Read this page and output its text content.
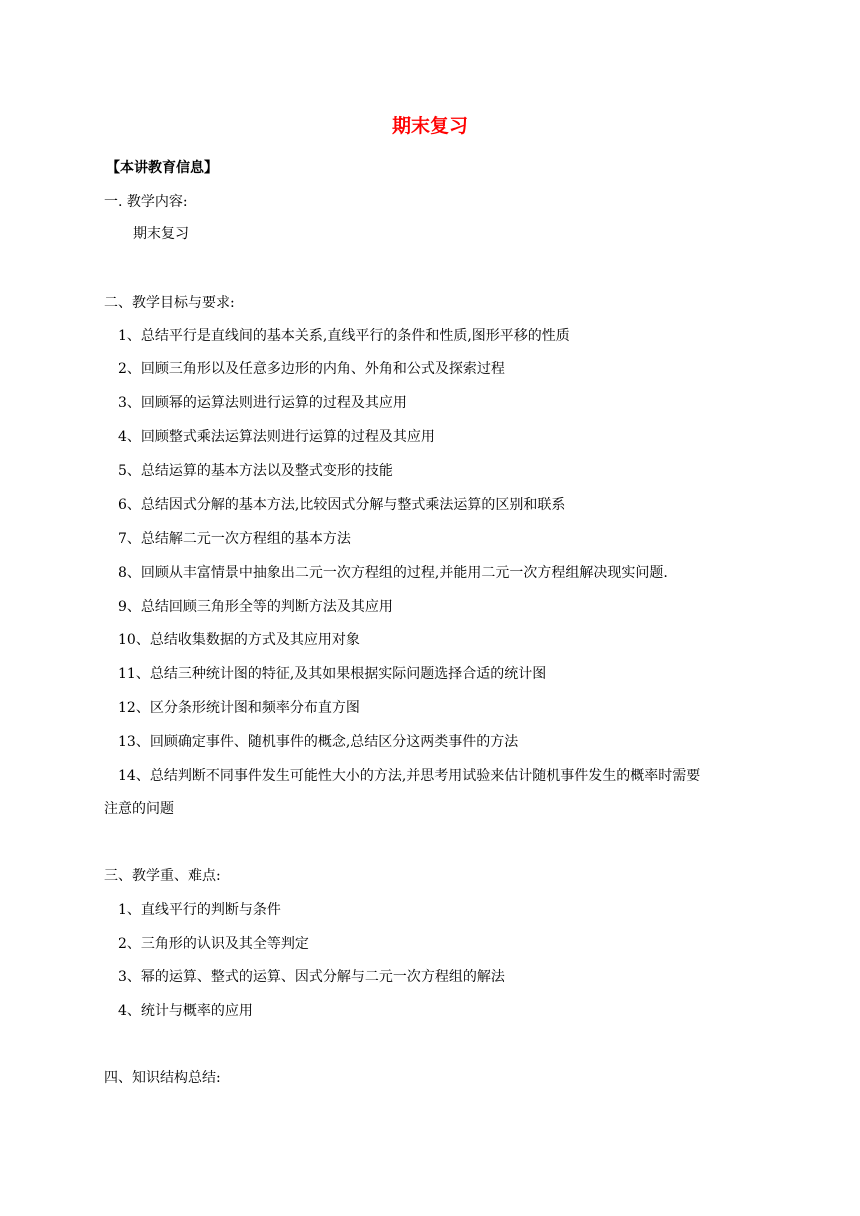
期末复习
【本讲教育信息】
一. 教学内容:
期末复习
二、教学目标与要求:
1、总结平行是直线间的基本关系,直线平行的条件和性质,图形平移的性质
2、回顾三角形以及任意多边形的内角、外角和公式及探索过程
3、回顾幂的运算法则进行运算的过程及其应用
4、回顾整式乘法运算法则进行运算的过程及其应用
5、总结运算的基本方法以及整式变形的技能
6、总结因式分解的基本方法,比较因式分解与整式乘法运算的区别和联系
7、总结解二元一次方程组的基本方法
8、回顾从丰富情景中抽象出二元一次方程组的过程,并能用二元一次方程组解决现实问题.
9、总结回顾三角形全等的判断方法及其应用
10、总结收集数据的方式及其应用对象
11、总结三种统计图的特征,及其如果根据实际问题选择合适的统计图
12、区分条形统计图和频率分布直方图
13、回顾确定事件、随机事件的概念,总结区分这两类事件的方法
14、总结判断不同事件发生可能性大小的方法,并思考用试验来估计随机事件发生的概率时需要
注意的问题
三、教学重、难点:
1、直线平行的判断与条件
2、三角形的认识及其全等判定
3、幂的运算、整式的运算、因式分解与二元一次方程组的解法
4、统计与概率的应用
四、知识结构总结:
